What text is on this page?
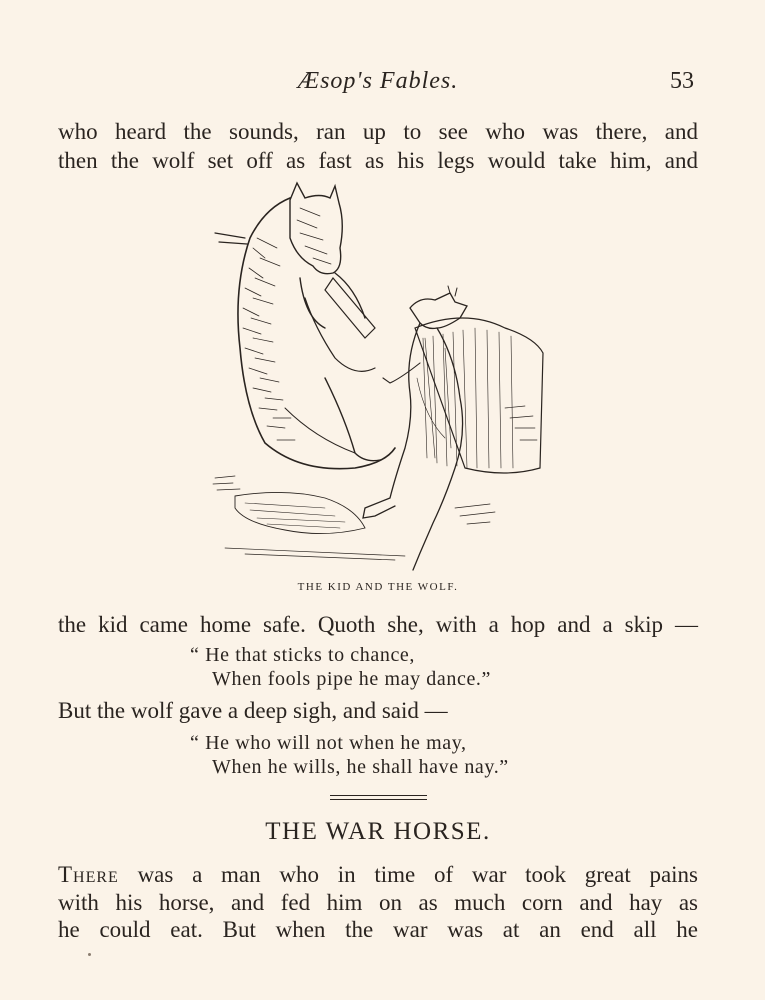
Æsop's Fables.	53
who heard the sounds, ran up to see who was there, and
then the wolf set off as fast as his legs would take him, and
THE KID AND THE WOLF.
the kid came home safe. Quoth she, with a hop and a skip —
“ He that sticks to chance,
When fools pipe he may dance.”
But the wolf gave a deep sigh, and said —
“ He who will not when he may,
When he wills, he shall have nay.”
THE WAR HORSE.
There was a man who in time of war took great pains
with his horse, and fed him on as much corn and hay as
he could eat. But when the war was at an end all he
